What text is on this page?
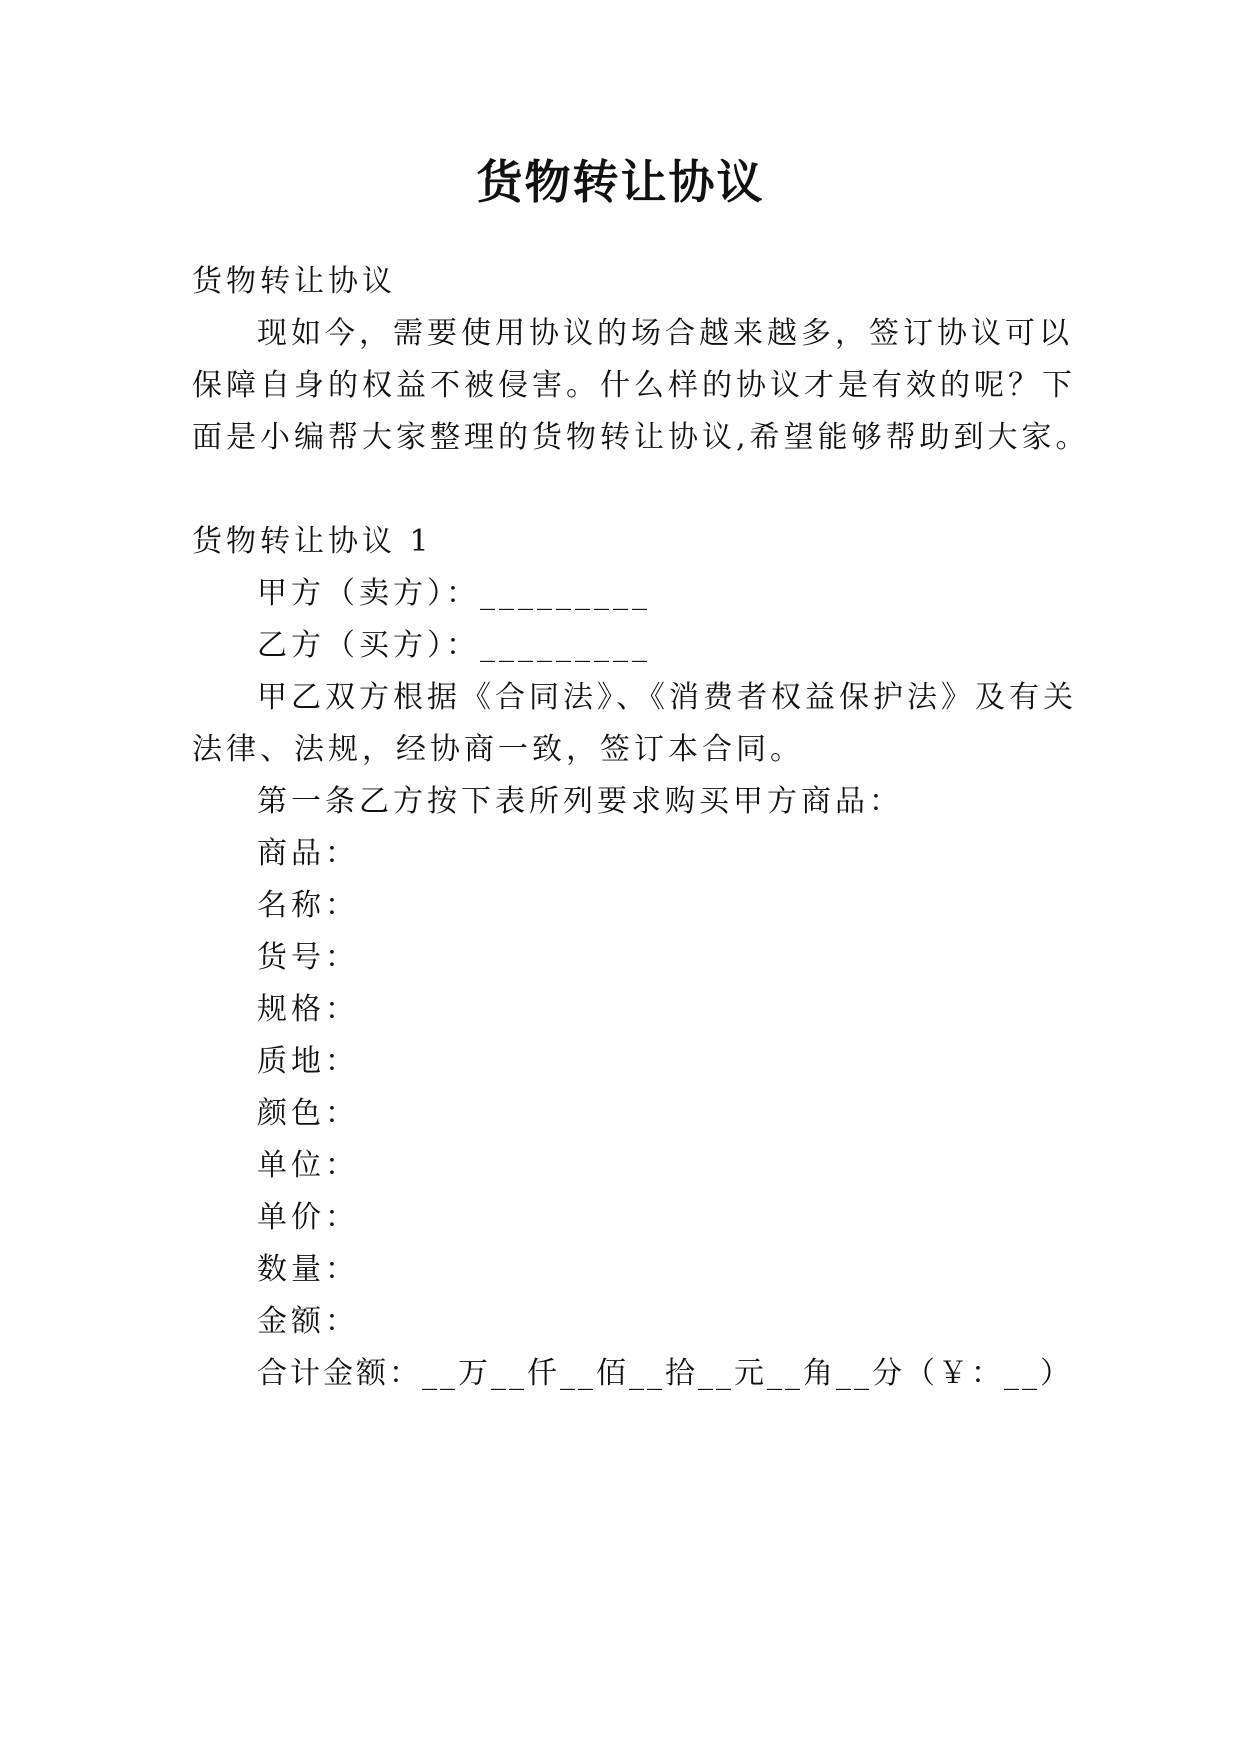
货物转让协议
货物转让协议
现如今，需要使用协议的场合越来越多，签订协议可以
保障自身的权益不被侵害。什么样的协议才是有效的呢？下
面是小编帮大家整理的货物转让协议,希望能够帮助到大家。
货物转让协议 1
甲方（卖方）：_________
乙方（买方）：_________
甲乙双方根据《合同法》、《消费者权益保护法》及有关
法律、法规，经协商一致，签订本合同。
第一条乙方按下表所列要求购买甲方商品：
商品：
名称：
货号：
规格：
质地：
颜色：
单位：
单价：
数量：
金额：
合计金额：__万__仟__佰__拾__元__角__分（￥：__）
